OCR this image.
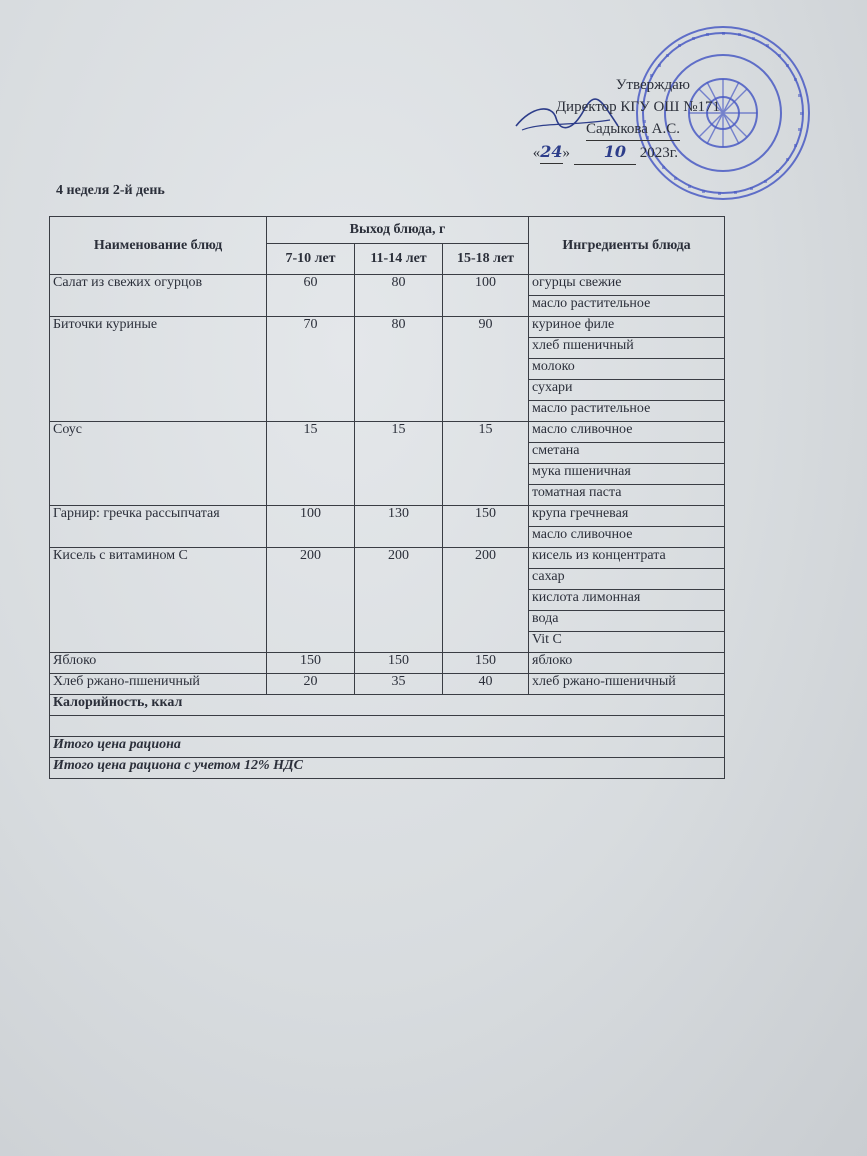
Утверждаю
Директор КГУ ОШ №171
Садыкова А.С.
«24» 10 2023г.
4 неделя 2-й день
Наименование блюд	Выход блюда, г			Ингредиенты блюда
	7-10 лет	11-14 лет	15-18 лет	
Салат из свежих огурцов	60	80	100	огурцы свежие
				масло растительное
Биточки куриные	70	80	90	куриное филе
				хлеб пшеничный
				молоко
				сухари
				масло растительное
Соус	15	15	15	масло сливочное
				сметана
				мука пшеничная
				томатная паста
Гарнир: гречка рассыпчатая	100	130	150	крупа гречневая
				масло сливочное
Кисель с витамином С	200	200	200	кисель из концентрата
				сахар
				кислота лимонная
				вода
				Vit C
Яблоко	150	150	150	яблоко
Хлеб ржано-пшеничный	20	35	40	хлеб ржано-пшеничный
Калорийность, ккал				

Итого цена рациона				
Итого цена рациона с учетом 12% НДС				
